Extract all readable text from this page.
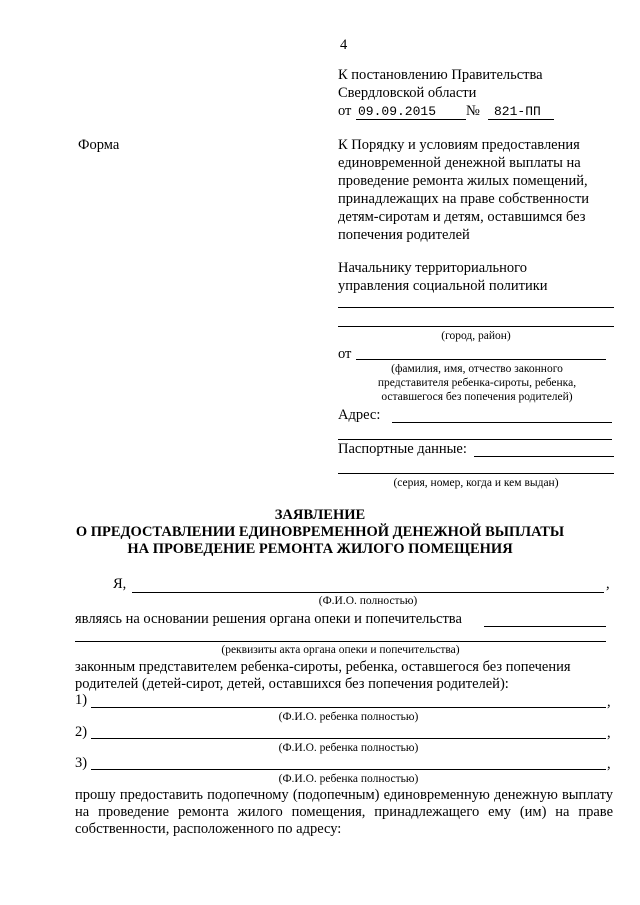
4
К постановлению Правительства
Свердловской области
от 09.09.2015	№ 821-ПП
Форма	К Порядку и условиям предоставления
единовременной денежной выплаты на
проведение ремонта жилых помещений,
принадлежащих на праве собственности
детям-сиротам и детям, оставшимся без
попечения родителей
Начальнику территориального
управления социальной политики
(город, район)
от
(фамилия, имя, отчество законного
представителя ребенка-сироты, ребенка,
оставшегося без попечения родителей)
Адрес:
Паспортные данные:
(серия, номер, когда и кем выдан)
ЗАЯВЛЕНИЕ
О ПРЕДОСТАВЛЕНИИ ЕДИНОВРЕМЕННОЙ ДЕНЕЖНОЙ ВЫПЛАТЫ
НА ПРОВЕДЕНИЕ РЕМОНТА ЖИЛОГО ПОМЕЩЕНИЯ
Я,	,
(Ф.И.О. полностью)
являясь на основании решения органа опеки и попечительства
(реквизиты акта органа опеки и попечительства)
законным представителем ребенка-сироты, ребенка, оставшегося без попечения
родителей (детей-сирот, детей, оставшихся без попечения родителей):
1)	,
(Ф.И.О. ребенка полностью)
2)	,
(Ф.И.О. ребенка полностью)
3)	,
(Ф.И.О. ребенка полностью)
прошу предоставить подопечному (подопечным) единовременную денежную выплату на проведение ремонта жилого помещения, принадлежащего ему (им) на праве собственности, расположенного по адресу:
